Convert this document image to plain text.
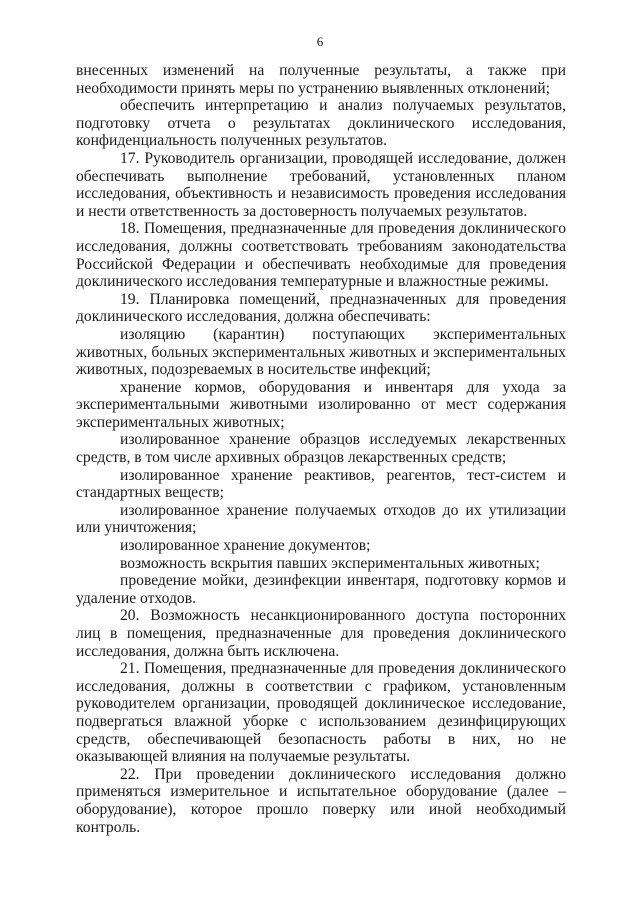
6

внесенных изменений на полученные результаты, а также при необходимости принять меры по устранению выявленных отклонений;

обеспечить интерпретацию и анализ получаемых результатов, подготовку отчета о результатах доклинического исследования, конфиденциальность полученных результатов.

17. Руководитель организации, проводящей исследование, должен обеспечивать выполнение требований, установленных планом исследования, объективность и независимость проведения исследования и нести ответственность за достоверность получаемых результатов.

18. Помещения, предназначенные для проведения доклинического исследования, должны соответствовать требованиям законодательства Российской Федерации и обеспечивать необходимые для проведения доклинического исследования температурные и влажностные режимы.

19. Планировка помещений, предназначенных для проведения доклинического исследования, должна обеспечивать:

изоляцию (карантин) поступающих экспериментальных животных, больных экспериментальных животных и экспериментальных животных, подозреваемых в носительстве инфекций;

хранение кормов, оборудования и инвентаря для ухода за экспериментальными животными изолированно от мест содержания экспериментальных животных;

изолированное хранение образцов исследуемых лекарственных средств, в том числе архивных образцов лекарственных средств;

изолированное хранение реактивов, реагентов, тест-систем и стандартных веществ;

изолированное хранение получаемых отходов до их утилизации или уничтожения;

изолированное хранение документов;

возможность вскрытия павших экспериментальных животных;

проведение мойки, дезинфекции инвентаря, подготовку кормов и удаление отходов.

20. Возможность несанкционированного доступа посторонних лиц в помещения, предназначенные для проведения доклинического исследования, должна быть исключена.

21. Помещения, предназначенные для проведения доклинического исследования, должны в соответствии с графиком, установленным руководителем организации, проводящей доклиническое исследование, подвергаться влажной уборке с использованием дезинфицирующих средств, обеспечивающей безопасность работы в них, но не оказывающей влияния на получаемые результаты.

22. При проведении доклинического исследования должно применяться измерительное и испытательное оборудование (далее – оборудование), которое прошло поверку или иной необходимый контроль.
